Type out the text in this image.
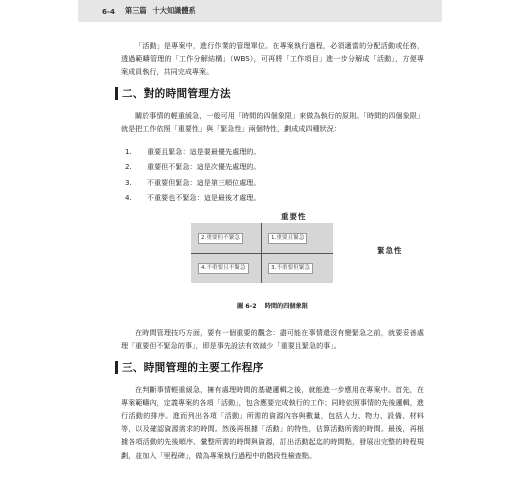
6-4 第三篇 十大知識體系

「活動」是專案中，進行作業的管理單位。在專案執行過程，必須適當的分配活動或任務，透過範疇管理的「工作分解結構」（WBS），可再將「工作項目」進一步分解成「活動」，方便專案成員執行，共同完成專案。

二、對的時間管理方法

關於事情的輕重緩急，一般可用「時間的四個象限」來做為執行的原則。「時間的四個象限」就是把工作依照「重要性」與「緊急性」兩個特性，劃成成四種狀況：

1.	重要且緊急：這是要最優先處理的。
2.	重要但不緊急：這是次優先處理的。
3.	不重要但緊急：這是第三順位處理。
4.	不重要也不緊急：這是最後才處理。
重要性
緊急性
2.重要但不緊急	1.重要且緊急
4.不重要且不緊急	3.不重要但緊急
圖 6-2 時間的四個象限

在時間管理技巧方面，要有一個重要的觀念：盡可能在事情還沒有變緊急之前，就要妥善處理「重要但不緊急的事」，即是事先設法有效減少「重要且緊急的事」。

三、時間管理的主要工作程序

在判斷事情輕重緩急，擁有處理時間的基礎邏輯之後，就能進一步應用在專案中。首先，在專案範疇內，定義專案的各項「活動」，包含應要完成執行的工作；同時依照事情的先後邏輯，進行活動的排序。進而列出各項「活動」所需的資源內容與數量，包括人力、物力、設備、材料等，以及確認資源需求的時間。然後再根據「活動」的特性，估算活動所需的時間。最後，再根據各項活動的先後順序、彙整所需的時間與資源，訂出活動起迄的時間點，發展出完整的時程規劃，並加入「里程碑」，做為專案執行過程中的階段性檢查點。
